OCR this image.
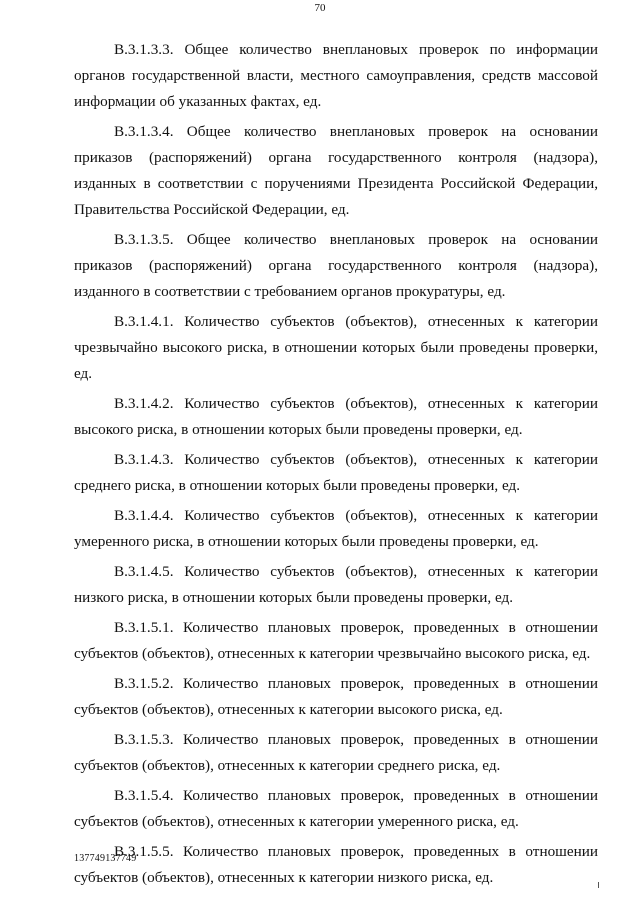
70

В.3.1.3.3. Общее количество внеплановых проверок по информации органов государственной власти, местного самоуправления, средств массовой информации об указанных фактах, ед.

В.3.1.3.4. Общее количество внеплановых проверок на основании приказов (распоряжений) органа государственного контроля (надзора), изданных в соответствии с поручениями Президента Российской Федерации, Правительства Российской Федерации, ед.

В.3.1.3.5. Общее количество внеплановых проверок на основании приказов (распоряжений) органа государственного контроля (надзора), изданного в соответствии с требованием органов прокуратуры, ед.

В.3.1.4.1. Количество субъектов (объектов), отнесенных к категории чрезвычайно высокого риска, в отношении которых были проведены проверки, ед.

В.3.1.4.2. Количество субъектов (объектов), отнесенных к категории высокого риска, в отношении которых были проведены проверки, ед.

В.3.1.4.3. Количество субъектов (объектов), отнесенных к категории среднего риска, в отношении которых были проведены проверки, ед.

В.3.1.4.4. Количество субъектов (объектов), отнесенных к категории умеренного риска, в отношении которых были проведены проверки, ед.

В.3.1.4.5. Количество субъектов (объектов), отнесенных к категории низкого риска, в отношении которых были проведены проверки, ед.

В.3.1.5.1. Количество плановых проверок, проведенных в отношении субъектов (объектов), отнесенных к категории чрезвычайно высокого риска, ед.

В.3.1.5.2. Количество плановых проверок, проведенных в отношении субъектов (объектов), отнесенных к категории высокого риска, ед.

В.3.1.5.3. Количество плановых проверок, проведенных в отношении субъектов (объектов), отнесенных к категории среднего риска, ед.

В.3.1.5.4. Количество плановых проверок, проведенных в отношении субъектов (объектов), отнесенных к категории умеренного риска, ед.

В.3.1.5.5. Количество плановых проверок, проведенных в отношении субъектов (объектов), отнесенных к категории низкого риска, ед.

137749137749
